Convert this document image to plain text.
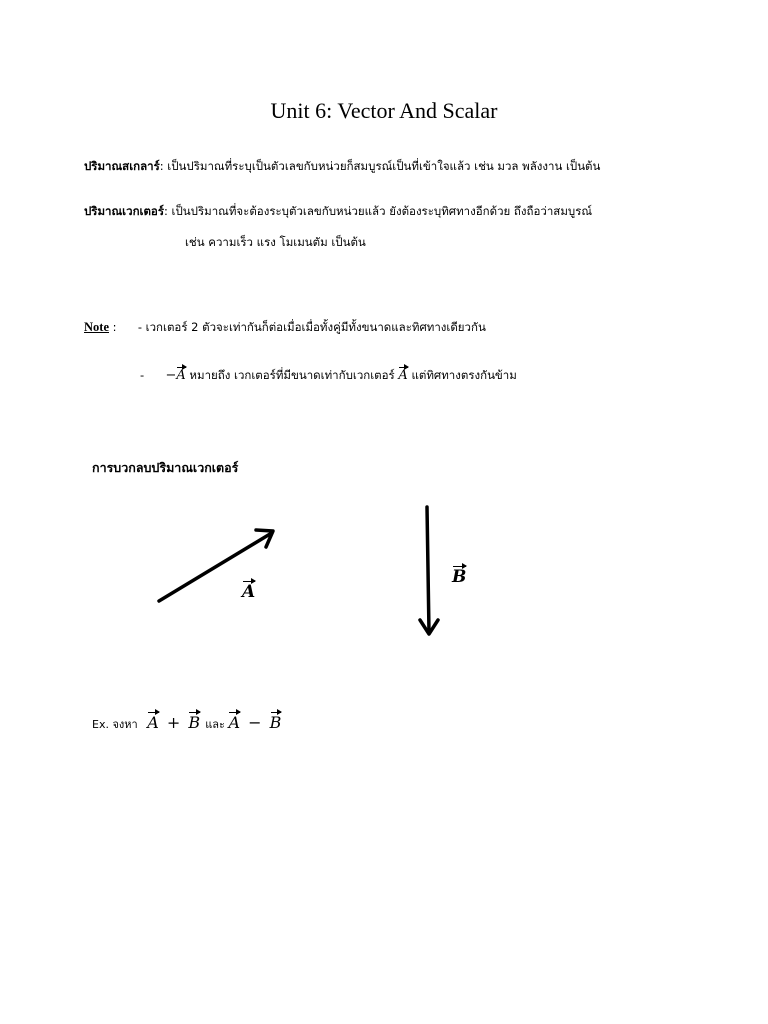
Unit 6: Vector And Scalar
ปริมาณสเกลาร์: เป็นปริมาณที่ระบุเป็นตัวเลขกับหน่วยก็สมบูรณ์เป็นที่เข้าใจแล้ว เช่น มวล พลังงาน เป็นต้น
ปริมาณเวกเตอร์: เป็นปริมาณที่จะต้องระบุตัวเลขกับหน่วยแล้ว ยังต้องระบุทิศทางอีกด้วย ถึงถือว่าสมบูรณ์
เช่น ความเร็ว แรง โมเมนตัม เป็นต้น
Note : - เวกเตอร์ 2 ตัวจะเท่ากันก็ต่อเมื่อเมื่อทั้งคู่มีทั้งขนาดและทิศทางเดียวกัน
- −A หมายถึง เวกเตอร์ที่มีขนาดเท่ากับเวกเตอร์ A แต่ทิศทางตรงกันข้าม
การบวกลบปริมาณเวกเตอร์
A
B
Ex. จงหา A + B และ A − B
